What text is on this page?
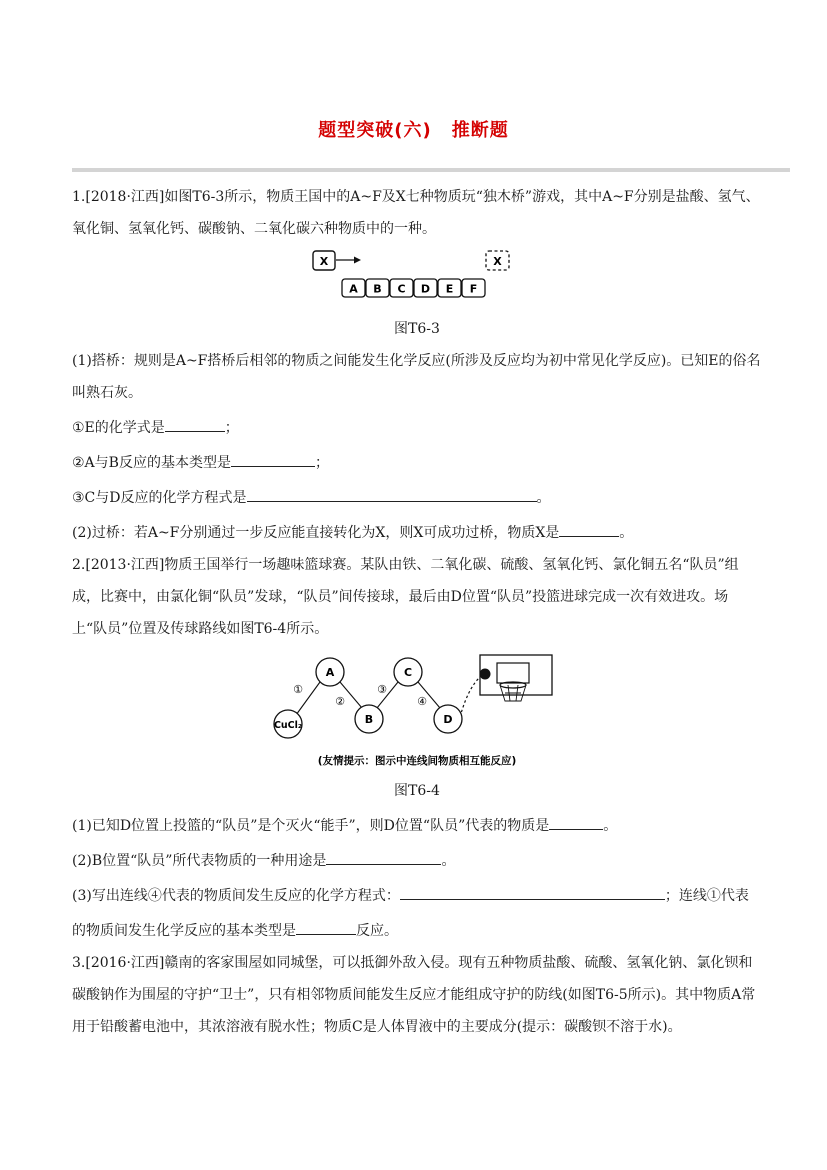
题型突破(六) 推断题

1.[2018·江西]如图T6-3所示，物质王国中的A~F及X七种物质玩“独木桥”游戏，其中A~F分别是盐酸、氢气、氧化铜、氢氧化钙、碳酸钠、二氧化碳六种物质中的一种。

X	X
A B C D E F

图T6-3

(1)搭桥：规则是A~F搭桥后相邻的物质之间能发生化学反应(所涉及反应均为初中常见化学反应)。已知E的俗名叫熟石灰。

①E的化学式是	；

②A与B反应的基本类型是	；

③C与D反应的化学方程式是	。

(2)过桥：若A~F分别通过一步反应能直接转化为X，则X可成功过桥，物质X是	。

2.[2013·江西]物质王国举行一场趣味篮球赛。某队由铁、二氧化碳、硫酸、氢氧化钙、氯化铜五名“队员”组成，比赛中，由氯化铜“队员”发球，“队员”间传接球，最后由D位置“队员”投篮进球完成一次有效进攻。场上“队员”位置及传球路线如图T6-4所示。

①
②
③
④
CuCl₂
A
B
C
D
(友情提示：图示中连线间物质相互能反应)

图T6-4

(1)已知D位置上投篮的“队员”是个灭火“能手”，则D位置“队员”代表的物质是	。

(2)B位置“队员”所代表物质的一种用途是	。

(3)写出连线④代表的物质间发生反应的化学方程式：	；连线①代表的物质间发生化学反应的基本类型是	反应。

3.[2016·江西]赣南的客家围屋如同城堡，可以抵御外敌入侵。现有五种物质盐酸、硫酸、氢氧化钠、氯化钡和碳酸钠作为围屋的守护“卫士”，只有相邻物质间能发生反应才能组成守护的防线(如图T6-5所示)。其中物质A常用于铅酸蓄电池中，其浓溶液有脱水性；物质C是人体胃液中的主要成分(提示：碳酸钡不溶于水)。
